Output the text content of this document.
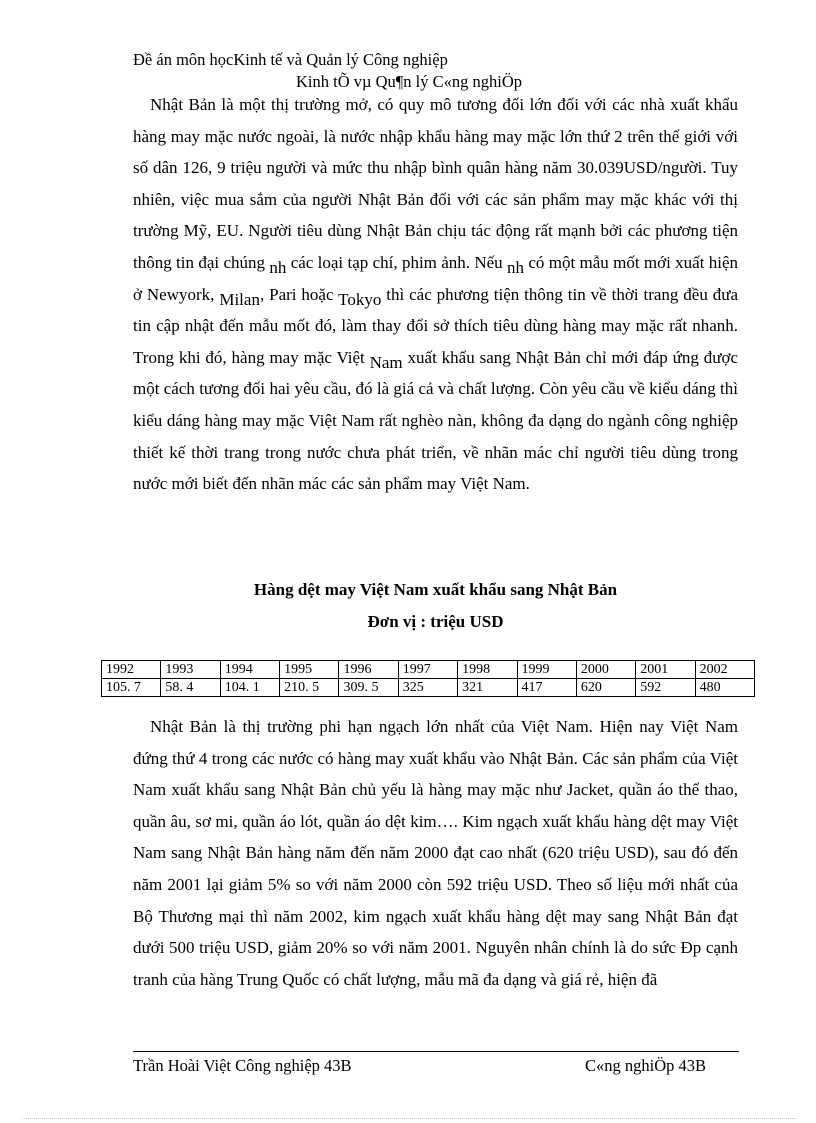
Đề án môn họcKinh tế và Quản lý Công nghiệp
Kinh tÕ vµ Qu¶n lý C«ng nghiÖp

Nhật Bản là một thị trường mở, có quy mô tương đối lớn đối với các nhà xuất khẩu hàng may mặc nước ngoài, là nước nhập khẩu hàng may mặc lớn thứ 2 trên thế giới với số dân 126, 9 triệu người và mức thu nhập bình quân hàng năm 30.039USD/người. Tuy nhiên, việc mua sắm của người Nhật Bản đối với các sản phẩm may mặc khác với thị trường Mỹ, EU. Người tiêu dùng Nhật Bản chịu tác động rất mạnh bởi các phương tiện thông tin đại chúng nh các loại tạp chí, phim ảnh. Nếu nh có một mẫu mốt mới xuất hiện ở Newyork, Milan, Pari hoặc Tokyo thì các phương tiện thông tin về thời trang đều đưa tin cập nhật đến mẫu mốt đó, làm thay đổi sở thích tiêu dùng hàng may mặc rất nhanh. Trong khi đó, hàng may mặc Việt Nam xuất khẩu sang Nhật Bản chỉ mới đáp ứng được một cách tương đối hai yêu cầu, đó là giá cả và chất lượng. Còn yêu cầu về kiểu dáng thì kiểu dáng hàng may mặc Việt Nam rất nghèo nàn, không đa dạng do ngành công nghiệp thiết kế thời trang trong nước chưa phát triển, về nhãn mác chỉ người tiêu dùng trong nước mới biết đến nhãn mác các sản phẩm may Việt Nam.

Hàng dệt may Việt Nam xuất khẩu sang Nhật Bản
Đơn vị : triệu USD
1992	1993	1994	1995	1996	1997	1998	1999	2000	2001	2002
105. 7	58. 4	104. 1	210. 5	309. 5	325	321	417	620	592	480

Nhật Bản là thị trường phi hạn ngạch lớn nhất của Việt Nam. Hiện nay Việt Nam đứng thứ 4 trong các nước có hàng may xuất khẩu vào Nhật Bản. Các sản phẩm của Việt Nam xuất khẩu sang Nhật Bản chủ yếu là hàng may mặc như Jacket, quần áo thể thao, quần âu, sơ mi, quần áo lót, quần áo dệt kim…. Kim ngạch xuất khẩu hàng dệt may Việt Nam sang Nhật Bản hàng năm đến năm 2000 đạt cao nhất (620 triệu USD), sau đó đến năm 2001 lại giảm 5% so với năm 2000 còn 592 triệu USD. Theo số liệu mới nhất của Bộ Thương mại thì năm 2002, kim ngạch xuất khẩu hàng dệt may sang Nhật Bản đạt dưới 500 triệu USD, giảm 20% so với năm 2001. Nguyên nhân chính là do sức Ðp cạnh tranh của hàng Trung Quốc có chất lượng, mẫu mã đa dạng và giá rẻ, hiện đã

Trần Hoài Việt Công nghiệp 43B	C«ng nghiÖp 43B
